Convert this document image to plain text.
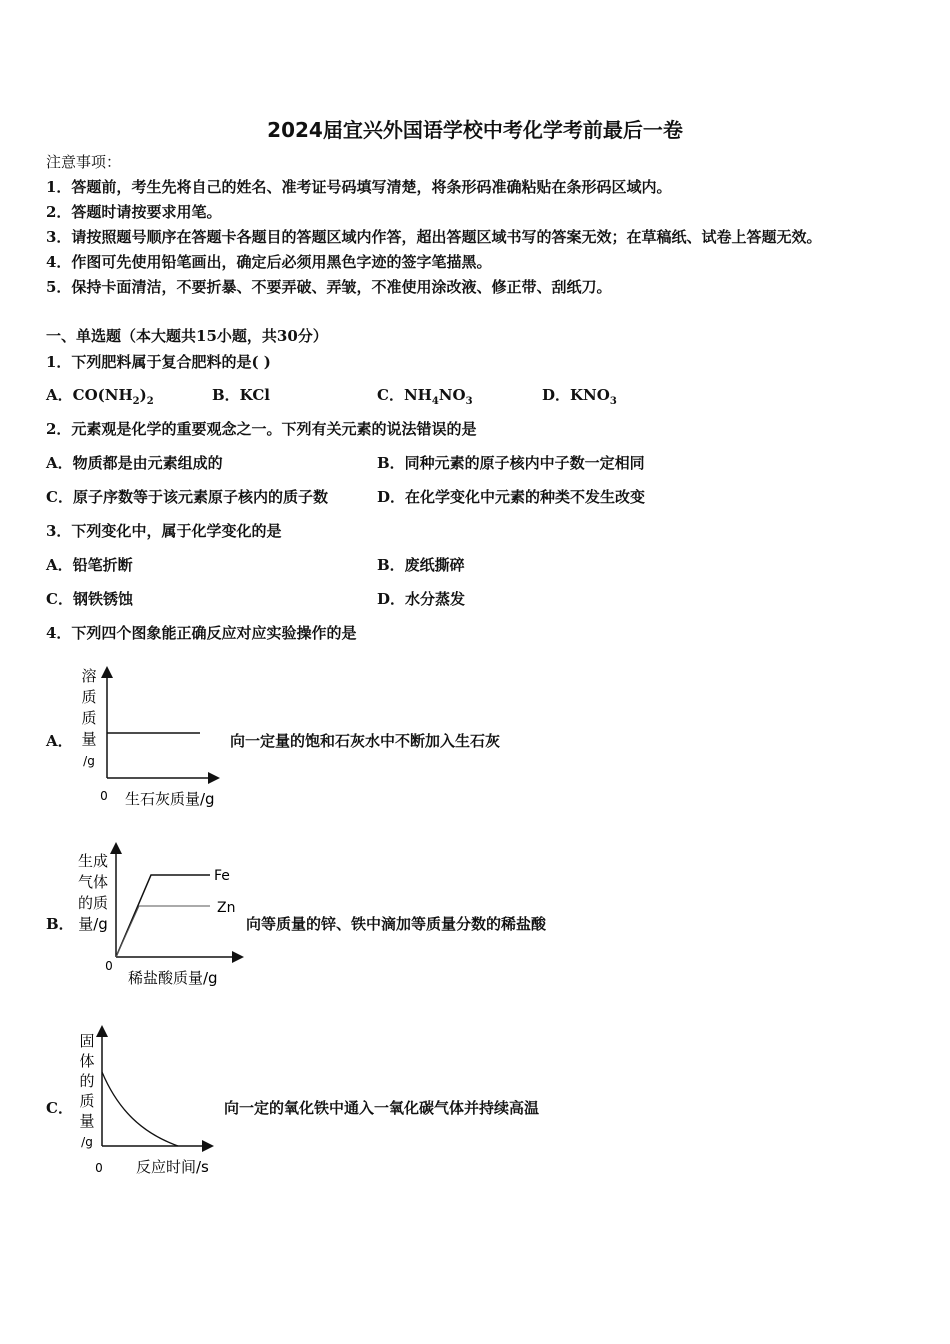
2024届宜兴外国语学校中考化学考前最后一卷
注意事项：
1．答题前，考生先将自己的姓名、准考证号码填写清楚，将条形码准确粘贴在条形码区域内。
2．答题时请按要求用笔。
3．请按照题号顺序在答题卡各题目的答题区域内作答，超出答题区域书写的答案无效；在草稿纸、试卷上答题无效。
4．作图可先使用铅笔画出，确定后必须用黑色字迹的签字笔描黑。
5．保持卡面清洁，不要折暴、不要弄破、弄皱，不准使用涂改液、修正带、刮纸刀。
一、单选题（本大题共15小题，共30分）
1．下列肥料属于复合肥料的是( )
A．$CO(NH_2)_2$	B．KCl	C．$NH_4NO_3$	D．$KNO_3$
2．元素观是化学的重要观念之一。下列有关元素的说法错误的是
A．物质都是由元素组成的	B．同种元素的原子核内中子数一定相同
C．原子序数等于该元素原子核内的质子数	D．在化学变化中元素的种类不发生改变
3．下列变化中，属于化学变化的是
A．铅笔折断	B．废纸撕碎
C．钢铁锈蚀	D．水分蒸发
4．下列四个图象能正确反应对应实验操作的是
A．
溶
质
质
量
/g
0 生石灰质量/g
向一定量的饱和石灰水中不断加入生石灰
B．
Fe
Zn
生成
气体
的质
量/g
0
稀盐酸质量/g
向等质量的锌、铁中滴加等质量分数的稀盐酸
C．
固
体
的
质
量
/g
0 反应时间/s
向一定的氧化铁中通入一氧化碳气体并持续高温
